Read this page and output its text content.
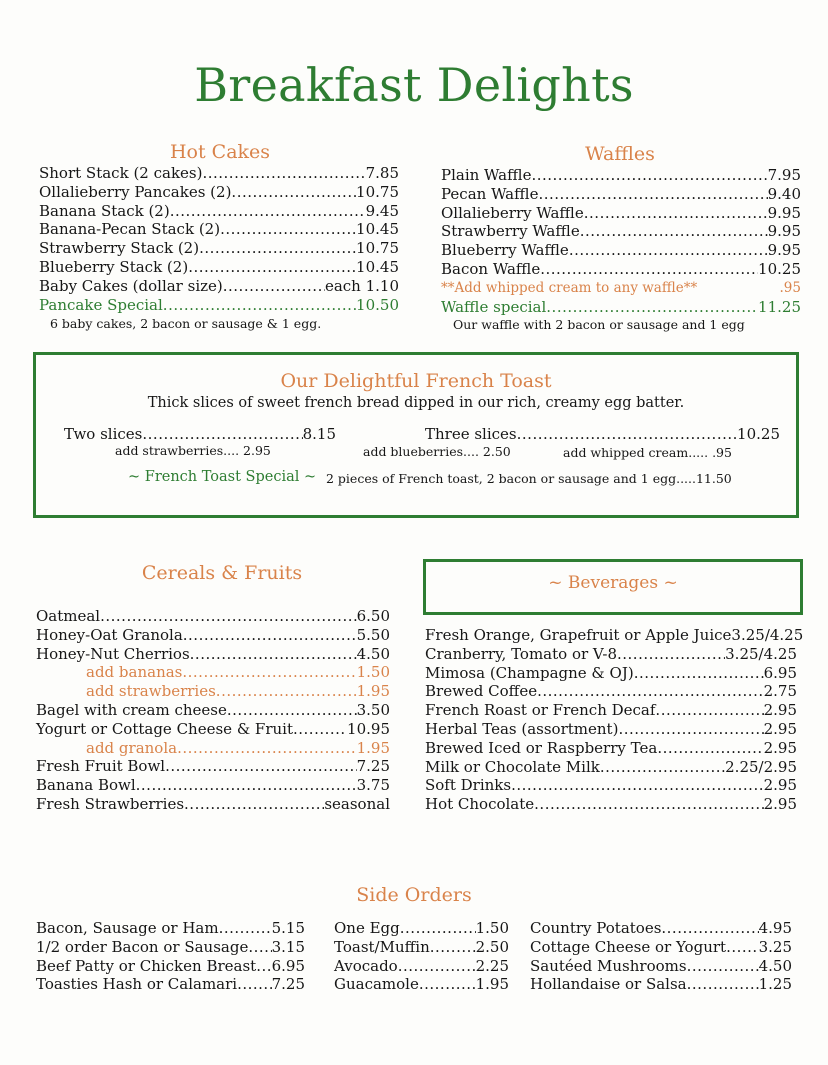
Breakfast Delights
Hot Cakes
Short Stack (2 cakes) .....	7.85
Ollalieberry Pancakes (2) .....	10.75
Banana Stack (2) .....	9.45
Banana-Pecan Stack (2) .....	10.45
Strawberry Stack (2) .....	10.75
Blueberry Stack (2) .....	10.45
Baby Cakes (dollar size) .....	each 1.10
Pancake Special .....	10.50
6 baby cakes, 2 bacon or sausage & 1 egg.
Waffles
Plain Waffle .....	7.95
Pecan Waffle .....	9.40
Ollalieberry Waffle .....	9.95
Strawberry Waffle .....	9.95
Blueberry Waffle .....	9.95
Bacon Waffle .....	10.25
**Add whipped cream to any waffle**	.95
Waffle special .....	11.25
Our waffle with 2 bacon or sausage and 1 egg
Our Delightful French Toast
Thick slices of sweet french bread dipped in our rich, creamy egg batter.
Two slices .....	8.15
add strawberries.... 2.95
Three slices .....	10.25
add blueberries.... 2.50	add whipped cream..... .95
~ French Toast Special ~ 2 pieces of French toast, 2 bacon or sausage and 1 egg.....11.50
Cereals & Fruits
Oatmeal .....	6.50
Honey-Oat Granola .....	5.50
Honey-Nut Cherrios .....	4.50
add bananas .....	1.50
add strawberries .....	1.95
Bagel with cream cheese .....	3.50
Yogurt or Cottage Cheese & Fruit .....	10.95
add granola .....	1.95
Fresh Fruit Bowl .....	7.25
Banana Bowl .....	3.75
Fresh Strawberries .....	seasonal
~ Beverages ~
Fresh Orange, Grapefruit or Apple Juice 3.25/4.25
Cranberry, Tomato or V-8 .....	3.25/4.25
Mimosa (Champagne & OJ) .....	6.95
Brewed Coffee .....	2.75
French Roast or French Decaf .....	2.95
Herbal Teas (assortment) .....	2.95
Brewed Iced or Raspberry Tea .....	2.95
Milk or Chocolate Milk .....	2.25/2.95
Soft Drinks .....	2.95
Hot Chocolate .....	2.95
Side Orders
Bacon, Sausage or Ham .....	5.15
1/2 order Bacon or Sausage ..... 3.15
Beef Patty or Chicken Breast ..... 6.95
Toasties Hash or Calamari ..... 7.25
One Egg .....	1.50
Toast/Muffin .....	2.50
Avocado .....	2.25
Guacamole .....	1.95
Country Potatoes .....	4.95
Cottage Cheese or Yogurt ..... 3.25
Sautéed Mushrooms .....	4.50
Hollandaise or Salsa .....	1.25
